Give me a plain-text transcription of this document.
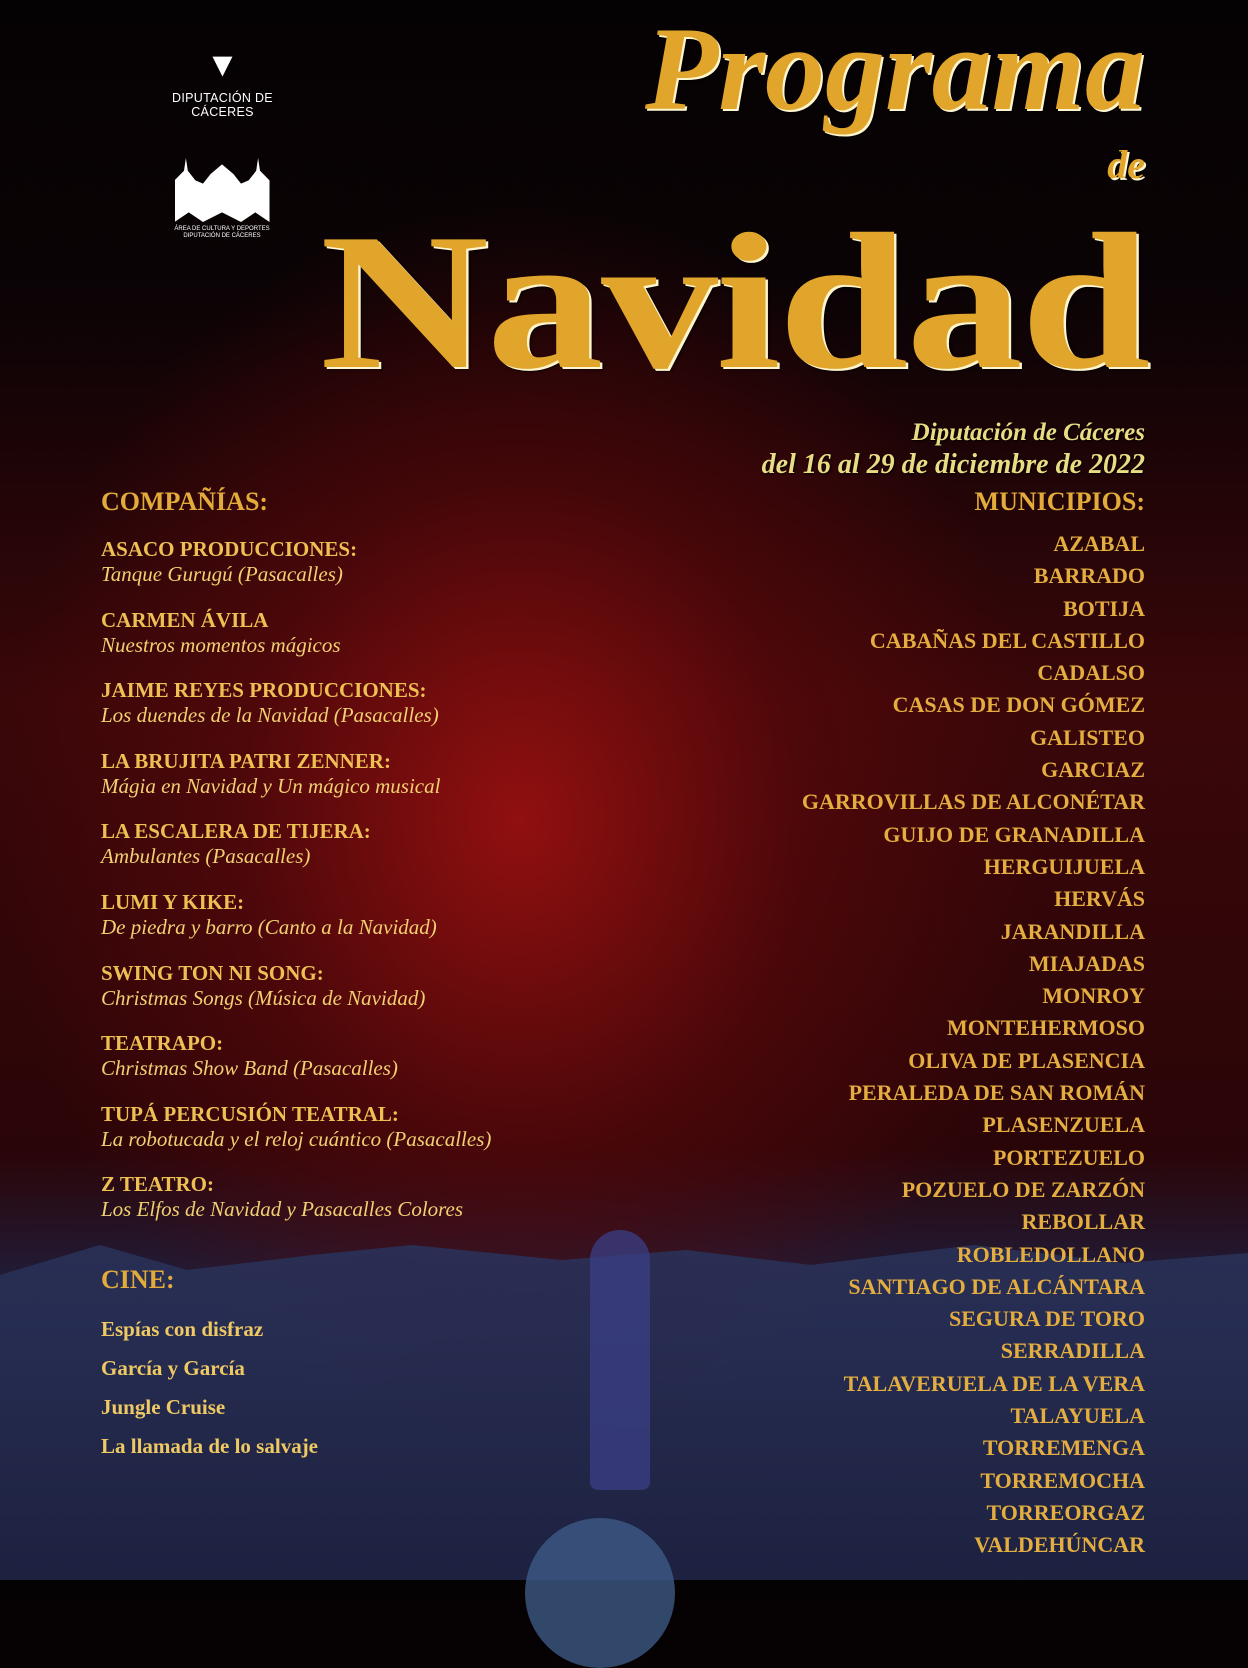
▼
DIPUTACIÓN DE CÁCERES
ÁREA DE CULTURA Y DEPORTES
DIPUTACIÓN DE CÁCERES
Programa
de
Navidad
Diputación de Cáceres
del 16 al 29 de diciembre de 2022
COMPAÑÍAS:
ASACO PRODUCCIONES:
Tanque Gurugú (Pasacalles)
CARMEN ÁVILA
Nuestros momentos mágicos
JAIME REYES PRODUCCIONES:
Los duendes de la Navidad (Pasacalles)
LA BRUJITA PATRI ZENNER:
Mágia en Navidad y Un mágico musical
LA ESCALERA DE TIJERA:
Ambulantes (Pasacalles)
LUMI Y KIKE:
De piedra y barro (Canto a la Navidad)
SWING TON NI SONG:
Christmas Songs (Música de Navidad)
TEATRAPO:
Christmas Show Band (Pasacalles)
TUPÁ PERCUSIÓN TEATRAL:
La robotucada y el reloj cuántico (Pasacalles)
Z TEATRO:
Los Elfos de Navidad y Pasacalles Colores
CINE:
Espías con disfraz
García y García
Jungle Cruise
La llamada de lo salvaje
MUNICIPIOS:
AZABAL
BARRADO
BOTIJA
CABAÑAS DEL CASTILLO
CADALSO
CASAS DE DON GÓMEZ
GALISTEO
GARCIAZ
GARROVILLAS DE ALCONÉTAR
GUIJO DE GRANADILLA
HERGUIJUELA
HERVÁS
JARANDILLA
MIAJADAS
MONROY
MONTEHERMOSO
OLIVA DE PLASENCIA
PERALEDA DE SAN ROMÁN
PLASENZUELA
PORTEZUELO
POZUELO DE ZARZÓN
REBOLLAR
ROBLEDOLLANO
SANTIAGO DE ALCÁNTARA
SEGURA DE TORO
SERRADILLA
TALAVERUELA DE LA VERA
TALAYUELA
TORREMENGA
TORREMOCHA
TORREORGAZ
VALDEHÚNCAR
